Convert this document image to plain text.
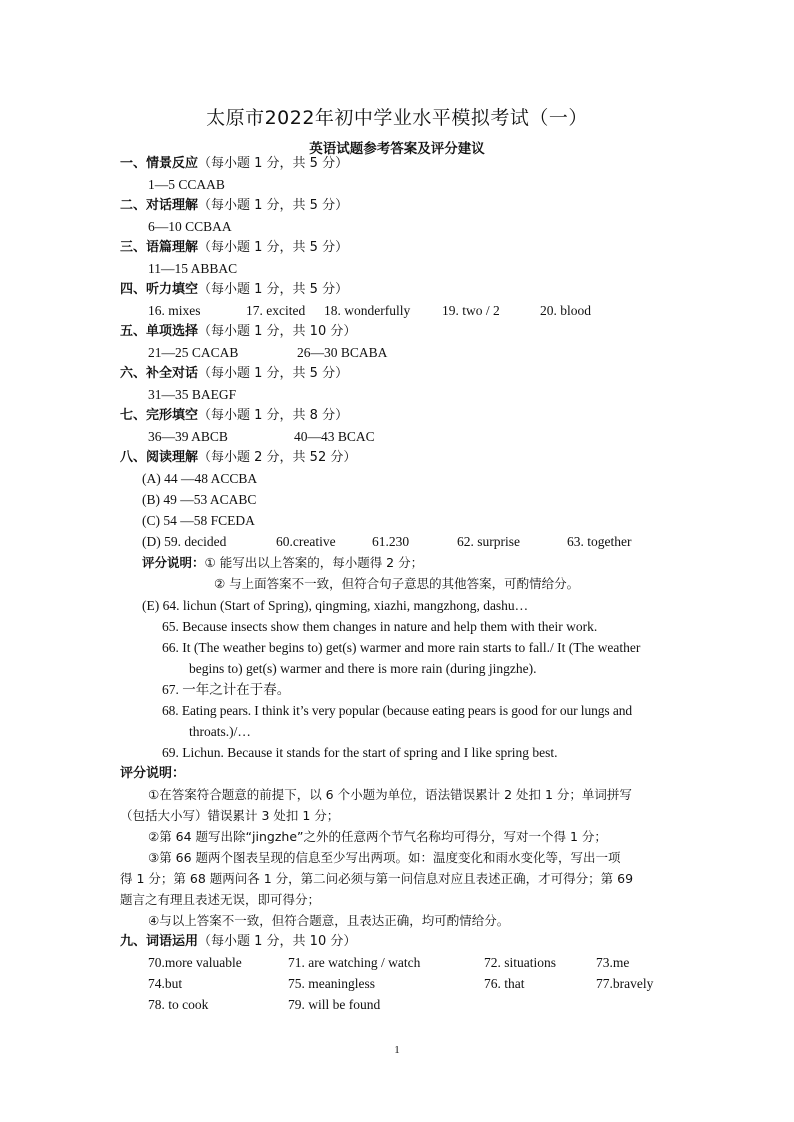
太原市2022年初中学业水平模拟考试（一）
英语试题参考答案及评分建议
一、情景反应（每小题 1 分，共 5 分）
1—5 CCAAB
二、对话理解（每小题 1 分，共 5 分）
6—10 CCBAA
三、语篇理解（每小题 1 分，共 5 分）
11—15 ABBAC
四、听力填空（每小题 1 分，共 5 分）
16. mixes	17. excited 18. wonderfully 19. two / 2	20. blood
五、单项选择（每小题 1 分，共 10 分）
21—25 CACAB	26—30 BCABA
六、补全对话（每小题 1 分，共 5 分）
31—35 BAEGF
七、完形填空（每小题 1 分，共 8 分）
36—39 ABCB	40—43 BCAC
八、阅读理解（每小题 2 分，共 52 分）
(A) 44 —48 ACCBA
(B) 49 —53 ACABC
(C) 54 —58 FCEDA
(D) 59. decided	60.creative	61.230	62. surprise	63. together
评分说明：① 能写出以上答案的，每小题得 2 分；
② 与上面答案不一致，但符合句子意思的其他答案，可酌情给分。
(E) 64. lichun (Start of Spring), qingming, xiazhi, mangzhong, dashu…
65. Because insects show them changes in nature and help them with their work.
66. It (The weather begins to) get(s) warmer and more rain starts to fall./ It (The weather
begins to) get(s) warmer and there is more rain (during jingzhe).
67. 一年之计在于春。
68. Eating pears. I think it’s very popular (because eating pears is good for our lungs and
throats.)/…
69. Lichun. Because it stands for the start of spring and I like spring best.
评分说明：
①在答案符合题意的前提下，以 6 个小题为单位，语法错误累计 2 处扣 1 分；单词拼写
（包括大小写）错误累计 3 处扣 1 分；
②第 64 题写出除“jingzhe”之外的任意两个节气名称均可得分，写对一个得 1 分；
③第 66 题两个图表呈现的信息至少写出两项。如：温度变化和雨水变化等，写出一项
得 1 分；第 68 题两问各 1 分，第二问必须与第一问信息对应且表述正确，才可得分；第 69
题言之有理且表述无误，即可得分；
④与以上答案不一致，但符合题意，且表达正确，均可酌情给分。
九、词语运用（每小题 1 分，共 10 分）
70.more valuable	71. are watching / watch	72. situations	73.me
74.but	75. meaningless	76. that	77.bravely
78. to cook	79. will be found
1
